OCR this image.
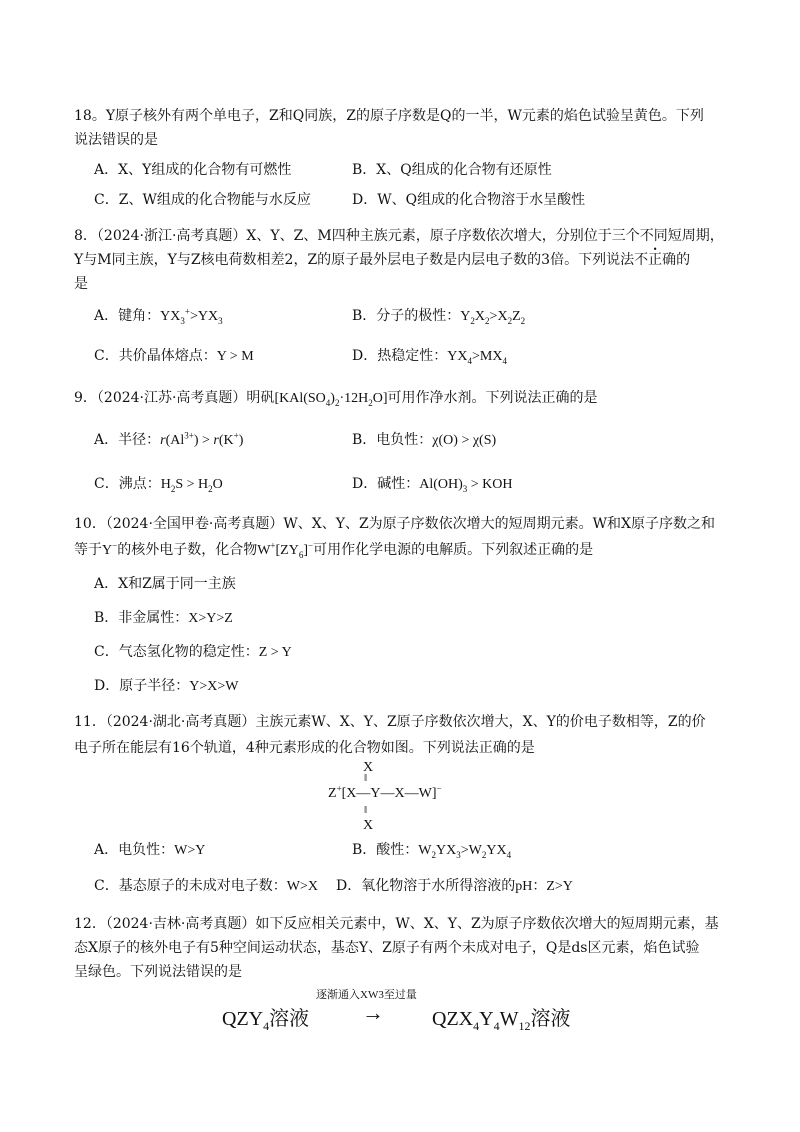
18。Y原子核外有两个单电子，Z和Q同族，Z的原子序数是Q的一半，W元素的焰色试验呈黄色。下列
说法错误的是
A．X、Y组成的化合物有可燃性	B．X、Q组成的化合物有还原性
C．Z、W组成的化合物能与水反应	D．W、Q组成的化合物溶于水呈酸性
8．（2024·浙江·高考真题）X、Y、Z、M四种主族元素，原子序数依次增大，分别位于三个不同短周期，
Y与M同主族，Y与Z核电荷数相差2，Z的原子最外层电子数是内层电子数的3倍。下列说法不正确的
是
A．键角：$YX_3^+>YX_3$	B．分子的极性：$Y_2X_2>X_2Z_2$
C．共价晶体熔点：Y > M	D．热稳定性：$YX_4>MX_4$
9．（2024·江苏·高考真题）明矾$[KAl(SO_4)_2\cdot 12H_2O]$可用作净水剂。下列说法正确的是
A．半径：$r(Al^{3+}) > r(K^+)$	B．电负性：χ(O) > χ(S)
C．沸点：$H_2S > H_2O$	D．碱性：$Al(OH)_3$ > KOH
10．（2024·全国甲卷·高考真题）W、X、Y、Z为原子序数依次增大的短周期元素。W和X原子序数之和
等于Y−的核外电子数，化合物$W^+[ZY_6]^-$可用作化学电源的电解质。下列叙述正确的是
A．X和Z属于同一主族
B．非金属性：X>Y>Z
C．气态氢化物的稳定性：Z > Y
D．原子半径：Y>X>W
11．（2024·湖北·高考真题）主族元素W、X、Y、Z原子序数依次增大，X、Y的价电子数相等，Z的价
电子所在能层有16个轨道，4种元素形成的化合物如图。下列说法正确的是
X
‖
Z+[X—Y—X—W]−
‖
X
A．电负性：W>Y	B．酸性：$W_2YX_3>W_2YX_4$
C．基态原子的未成对电子数：W>X D．氧化物溶于水所得溶液的pH：Z>Y
12．（2024·吉林·高考真题）如下反应相关元素中，W、X、Y、Z为原子序数依次增大的短周期元素，基
态X原子的核外电子有5种空间运动状态，基态Y、Z原子有两个未成对电子，Q是ds区元素，焰色试验
呈绿色。下列说法错误的是
$QZY_4$溶液
逐渐通入XW3至过量
→ $QZX_4Y_4W_{12}$溶液
